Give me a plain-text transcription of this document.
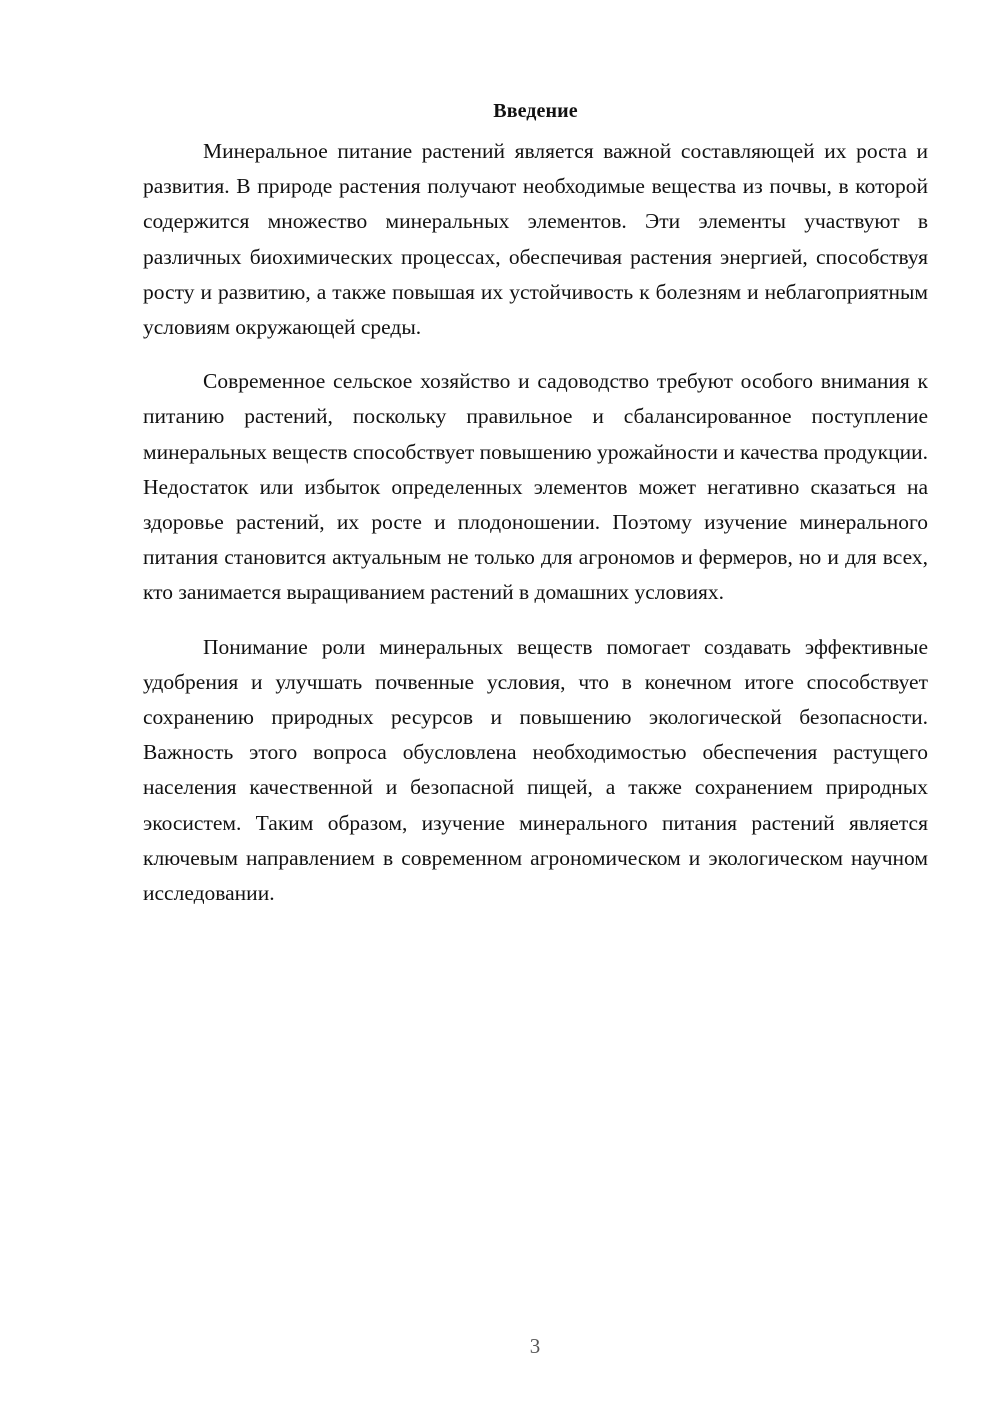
Введение

Минеральное питание растений является важной составляющей их роста и развития. В природе растения получают необходимые вещества из почвы, в которой содержится множество минеральных элементов. Эти элементы участвуют в различных биохимических процессах, обеспечивая растения энергией, способствуя росту и развитию, а также повышая их устойчивость к болезням и неблагоприятным условиям окружающей среды.

Современное сельское хозяйство и садоводство требуют особого внимания к питанию растений, поскольку правильное и сбалансированное поступление минеральных веществ способствует повышению урожайности и качества продукции. Недостаток или избыток определенных элементов может негативно сказаться на здоровье растений, их росте и плодоношении. Поэтому изучение минерального питания становится актуальным не только для агрономов и фермеров, но и для всех, кто занимается выращиванием растений в домашних условиях.

Понимание роли минеральных веществ помогает создавать эффективные удобрения и улучшать почвенные условия, что в конечном итоге способствует сохранению природных ресурсов и повышению экологической безопасности. Важность этого вопроса обусловлена необходимостью обеспечения растущего населения качественной и безопасной пищей, а также сохранением природных экосистем. Таким образом, изучение минерального питания растений является ключевым направлением в современном агрономическом и экологическом научном исследовании.

3
